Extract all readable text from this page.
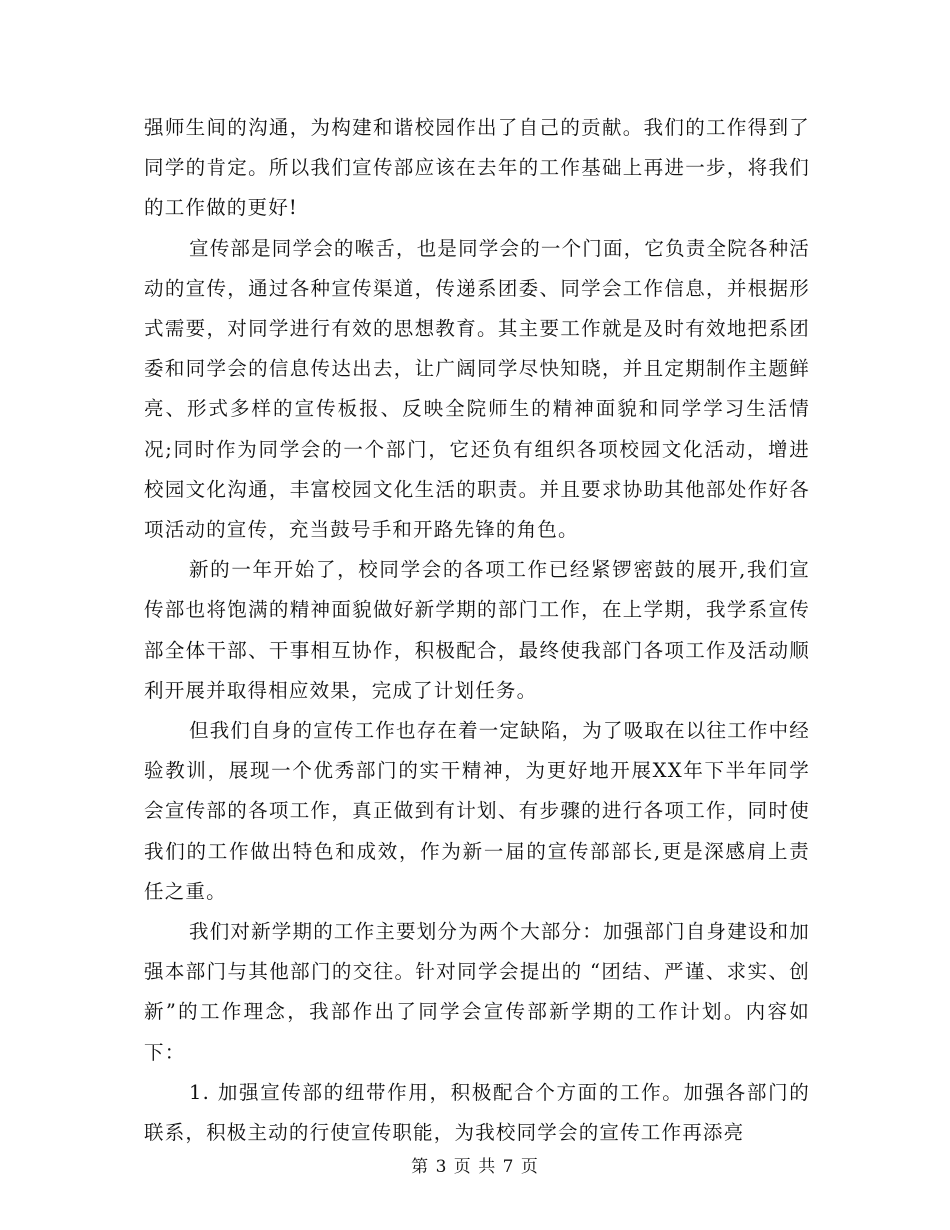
强师生间的沟通，为构建和谐校园作出了自己的贡献。我们的工作得到了同学的肯定。所以我们宣传部应该在去年的工作基础上再进一步，将我们的工作做的更好!

宣传部是同学会的喉舌，也是同学会的一个门面，它负责全院各种活动的宣传，通过各种宣传渠道，传递系团委、同学会工作信息，并根据形式需要，对同学进行有效的思想教育。其主要工作就是及时有效地把系团委和同学会的信息传达出去，让广阔同学尽快知晓，并且定期制作主题鲜亮、形式多样的宣传板报、反映全院师生的精神面貌和同学学习生活情况;同时作为同学会的一个部门，它还负有组织各项校园文化活动，增进校园文化沟通，丰富校园文化生活的职责。并且要求协助其他部处作好各项活动的宣传，充当鼓号手和开路先锋的角色。

新的一年开始了，校同学会的各项工作已经紧锣密鼓的展开,我们宣传部也将饱满的精神面貌做好新学期的部门工作，在上学期，我学系宣传部全体干部、干事相互协作，积极配合，最终使我部门各项工作及活动顺利开展并取得相应效果，完成了计划任务。

但我们自身的宣传工作也存在着一定缺陷，为了吸取在以往工作中经验教训，展现一个优秀部门的实干精神，为更好地开展XX年下半年同学会宣传部的各项工作，真正做到有计划、有步骤的进行各项工作，同时使我们的工作做出特色和成效，作为新一届的宣传部部长,更是深感肩上责任之重。

我们对新学期的工作主要划分为两个大部分：加强部门自身建设和加强本部门与其他部门的交往。针对同学会提出的 “团结、严谨、求实、创新”的工作理念，我部作出了同学会宣传部新学期的工作计划。内容如下：

1. 加强宣传部的纽带作用，积极配合个方面的工作。加强各部门的联系，积极主动的行使宣传职能，为我校同学会的宣传工作再添亮

第 3 页 共 7 页
